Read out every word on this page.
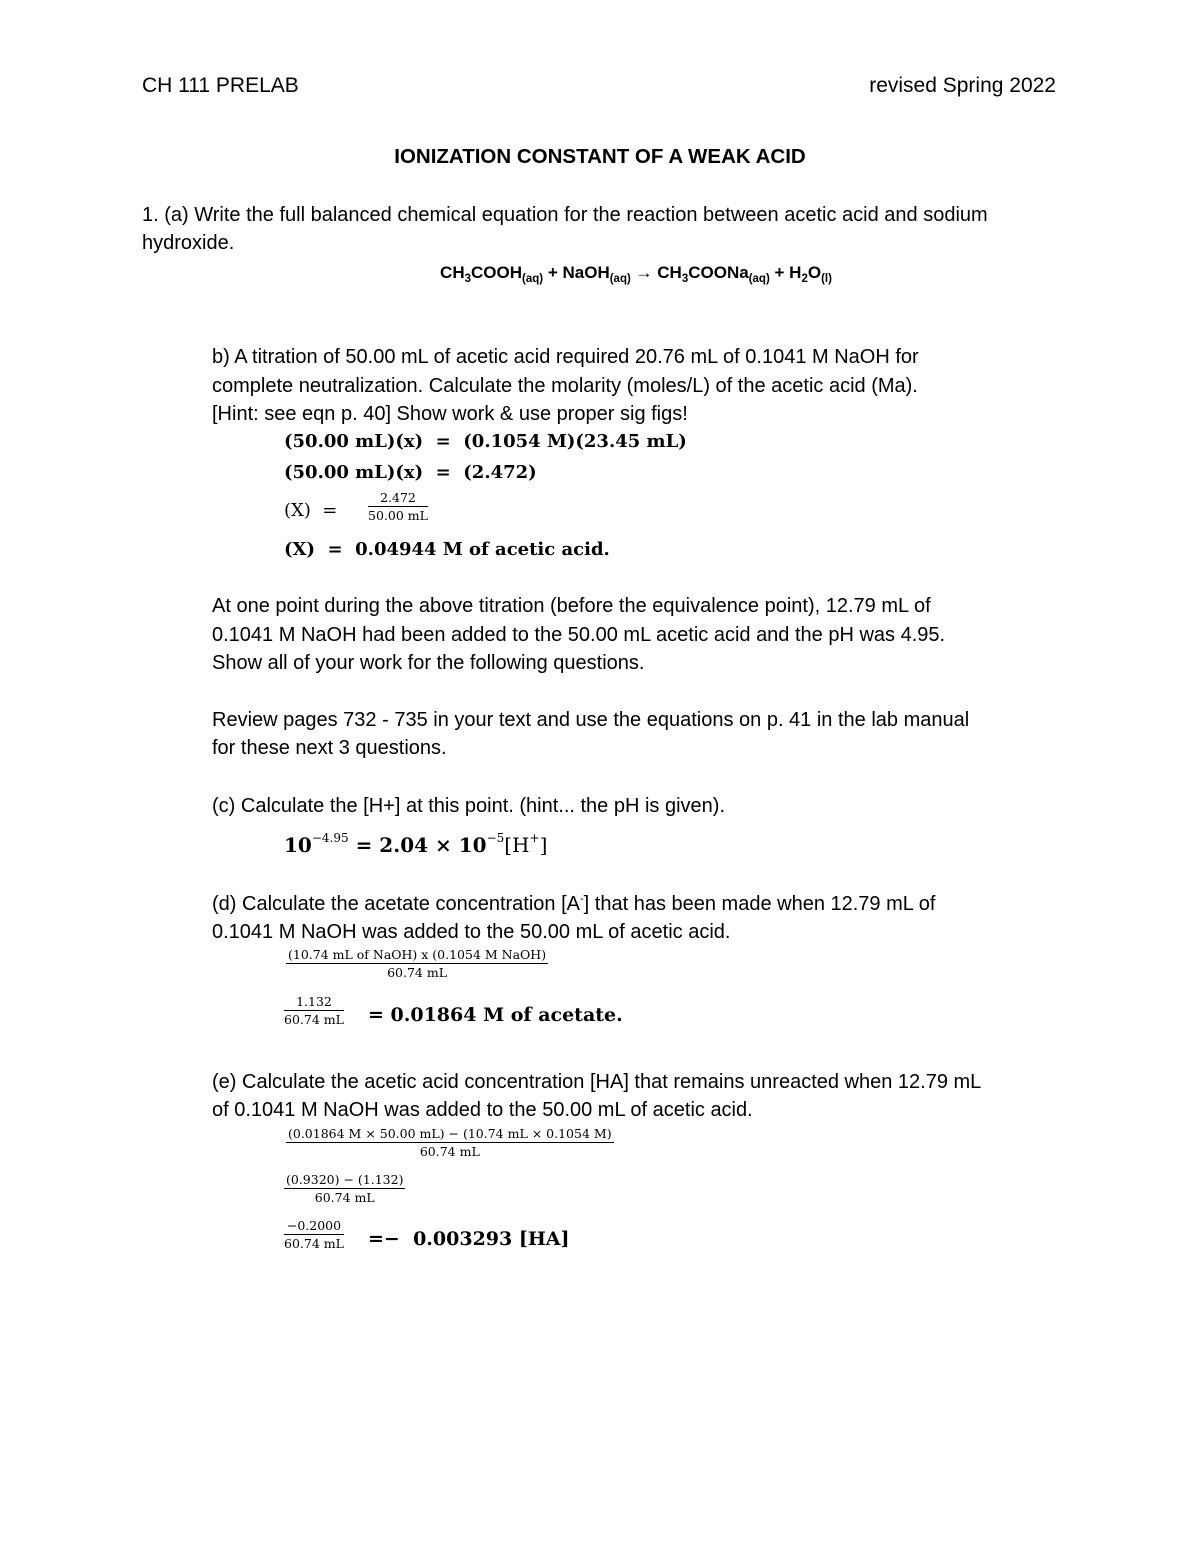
CH 111 PRELAB	revised Spring 2022
IONIZATION CONSTANT OF A WEAK ACID
1. (a) Write the full balanced chemical equation for the reaction between acetic acid and sodium
hydroxide.
$CH_3COOH_{(aq)}$ + NaOH$_{(aq)}$ → $CH_3COONa_{(aq)} + H_2O_{(l)}$
b) A titration of 50.00 mL of acetic acid required 20.76 mL of 0.1041 M NaOH for
complete neutralization. Calculate the molarity (moles/L) of the acetic acid (Ma).
[Hint: see eqn p. 40] Show work & use proper sig figs!
(50.00 mL)(x)  =  (0.1054 M)(23.45 mL)
(50.00 mL)(x)  =  (2.472)
$(X) = \frac{2.472}{50.00 mL}$
(X)  =  0.04944 M of acetic acid.
At one point during the above titration (before the equivalence point), 12.79 mL of
0.1041 M NaOH had been added to the 50.00 mL acetic acid and the pH was 4.95.
Show all of your work for the following questions.
Review pages 732 - 735 in your text and use the equations on p. 41 in the lab manual
for these next 3 questions.
(c) Calculate the [H+] at this point. (hint... the pH is given).
$10^{-4.95} = 2.04 \times 10^{-5}[H^+]$
(d) Calculate the acetate concentration [A-] that has been made when 12.79 mL of
0.1041 M NaOH was added to the 50.00 mL of acetic acid.
(10.74 mL of NaOH) x (0.1054 M NaOH)
60.74 mL
$\frac{1.132}{60.74 mL} = 0.01864$ M of acetate.
(e) Calculate the acetic acid concentration [HA] that remains unreacted when 12.79 mL
of 0.1041 M NaOH was added to the 50.00 mL of acetic acid.
$\frac{(0.01864 M \times 50.00 mL) - (10.74 mL \times 0.1054 M)}{60.74 mL}$
$\frac{(0.9320) - (1.132)}{60.74 mL}$
$\frac{-0.2000}{60.74 mL} =- 0.003293$ [HA]
